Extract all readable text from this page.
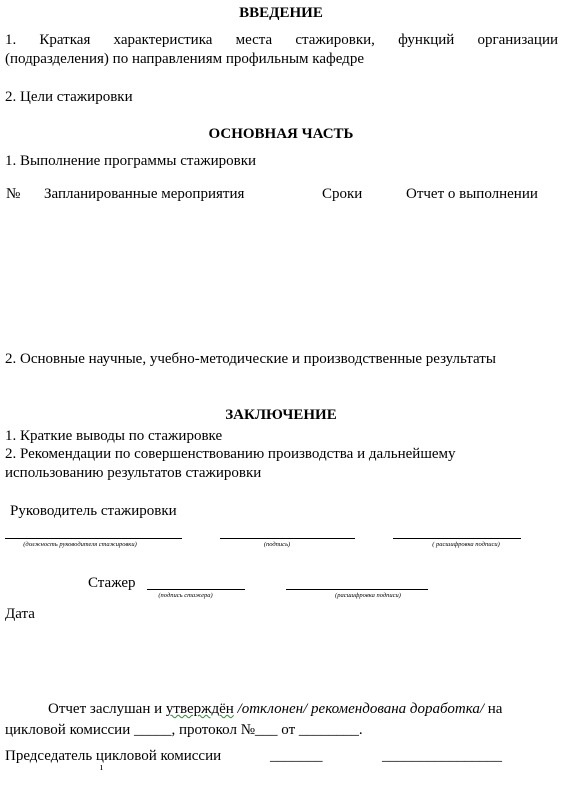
ВВЕДЕНИЕ
1. Краткая характеристика места стажировки, функций организации
(подразделения) по направлениям профильным кафедре
2. Цели стажировки
ОСНОВНАЯ ЧАСТЬ
1. Выполнение программы стажировки
№ Запланированные мероприятия	Сроки	Отчет о выполнении
2. Основные научные, учебно-методические и производственные результаты
ЗАКЛЮЧЕНИЕ
1. Краткие выводы по стажировке
2. Рекомендации по совершенствованию производства и дальнейшему
использованию результатов стажировки
Руководитель стажировки
(должность руководителя стажировки)	(подпись)	( расшифровка подписи)
Стажер
(подпись стажера)	(расшифровка подписи)
Дата
Отчет заслушан и утверждён /отклонен/ рекомендована доработка/ на
цикловой комиссии _____, протокол №___ от ________.
Председатель цикловой комиссии	_______	________________
ı
